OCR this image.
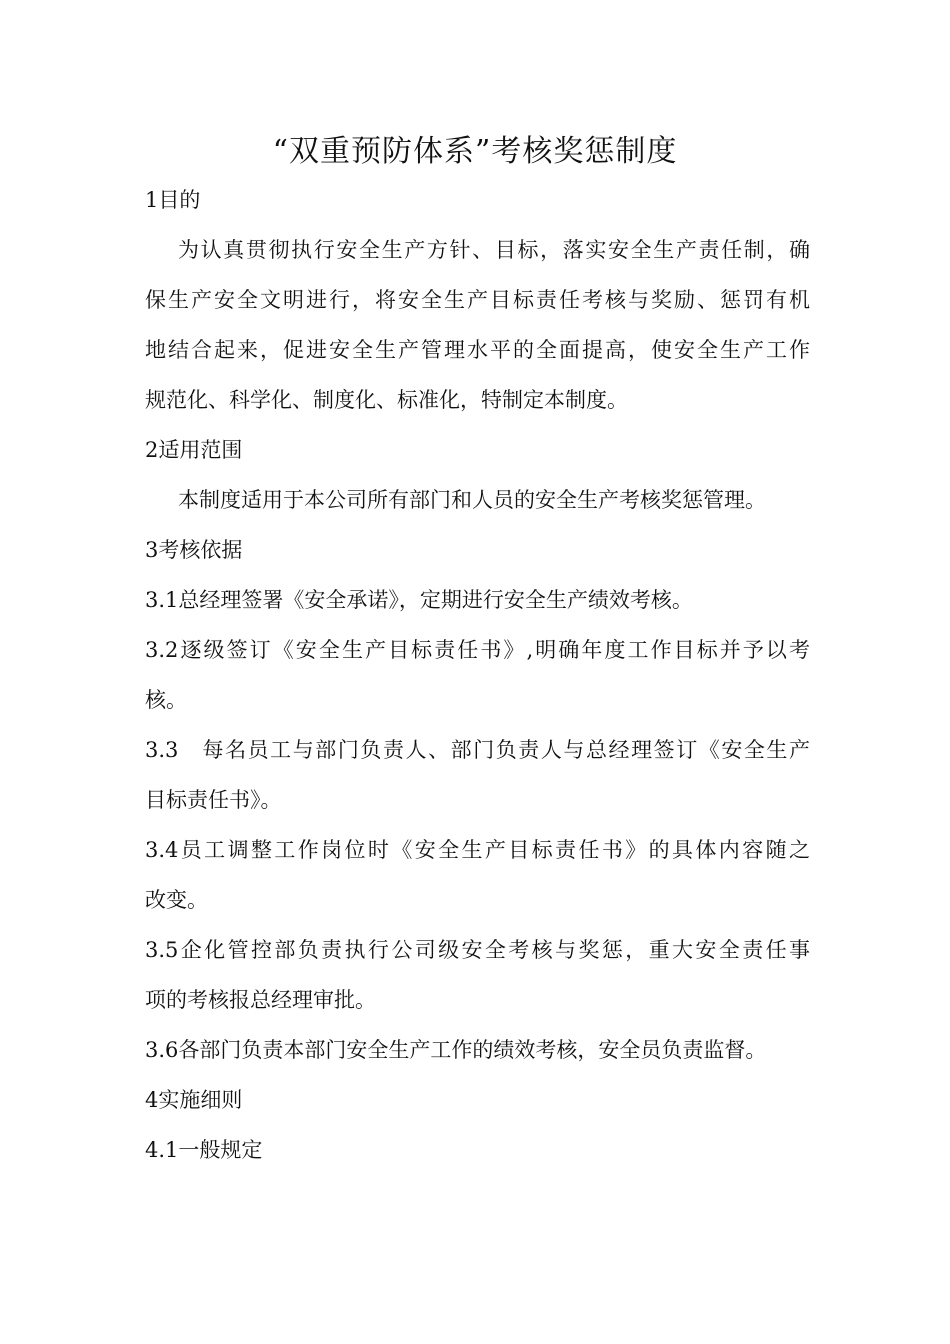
“双重预防体系”考核奖惩制度
1目的
为认真贯彻执行安全生产方针、目标，落实安全生产责任制，确
保生产安全文明进行，将安全生产目标责任考核与奖励、惩罚有机
地结合起来，促进安全生产管理水平的全面提高，使安全生产工作
规范化、科学化、制度化、标准化，特制定本制度。
2适用范围
本制度适用于本公司所有部门和人员的安全生产考核奖惩管理。
3考核依据
3.1总经理签署《安全承诺》，定期进行安全生产绩效考核。
3.2逐级签订《安全生产目标责任书》,明确年度工作目标并予以考
核。
3.3　每名员工与部门负责人、部门负责人与总经理签订《安全生产
目标责任书》。
3.4员工调整工作岗位时《安全生产目标责任书》的具体内容随之
改变。
3.5企化管控部负责执行公司级安全考核与奖惩，重大安全责任事
项的考核报总经理审批。
3.6各部门负责本部门安全生产工作的绩效考核，安全员负责监督。
4实施细则
4.1一般规定
